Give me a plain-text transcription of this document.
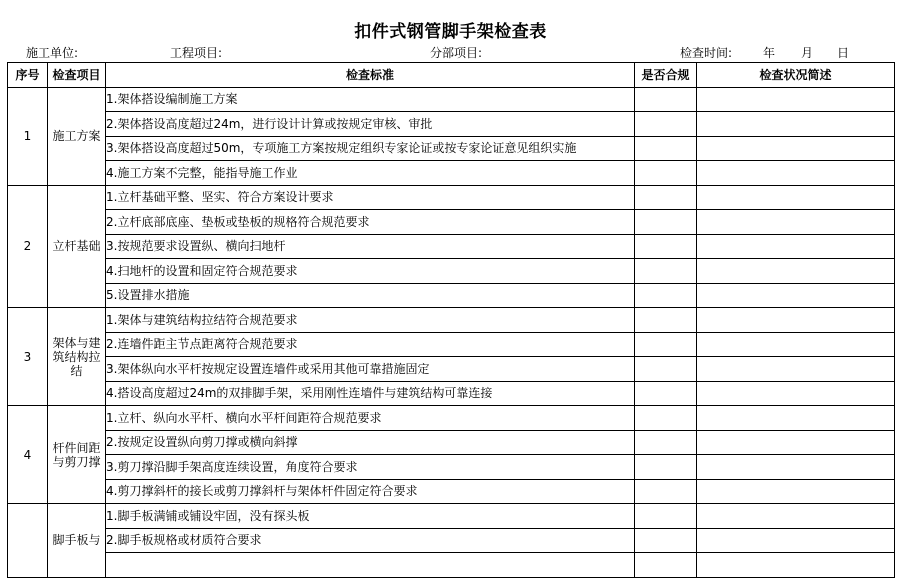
扣件式钢管脚手架检查表
施工单位:	工程项目:	分部项目:	检查时间:	年 月 日
序号	检查项目	检查标准	是否合规	检查状况简述
1	施工方案	1.架体搭设编制施工方案		
		2.架体搭设高度超过24m，进行设计计算或按规定审核、审批		
		3.架体搭设高度超过50m，专项施工方案按规定组织专家论证或按专家论证意见组织实施		
		4.施工方案不完整，能指导施工作业		
2	立杆基础	1.立杆基础平整、坚实、符合方案设计要求		
		2.立杆底部底座、垫板或垫板的规格符合规范要求		
		3.按规范要求设置纵、横向扫地杆		
		4.扫地杆的设置和固定符合规范要求		
		5.设置排水措施		
3	架体与建筑结构拉结	1.架体与建筑结构拉结符合规范要求		
		2.连墙件距主节点距离符合规范要求		
		3.架体纵向水平杆按规定设置连墙件或采用其他可靠措施固定		
		4.搭设高度超过24m的双排脚手架，采用刚性连墙件与建筑结构可靠连接		
4	杆件间距与剪刀撑	1.立杆、纵向水平杆、横向水平杆间距符合规范要求		
		2.按规定设置纵向剪刀撑或横向斜撑		
		3.剪刀撑沿脚手架高度连续设置，角度符合要求		
		4.剪刀撑斜杆的接长或剪刀撑斜杆与架体杆件固定符合要求		
	脚手板与	1.脚手板满铺或铺设牢固，没有探头板		
		2.脚手板规格或材质符合要求		
